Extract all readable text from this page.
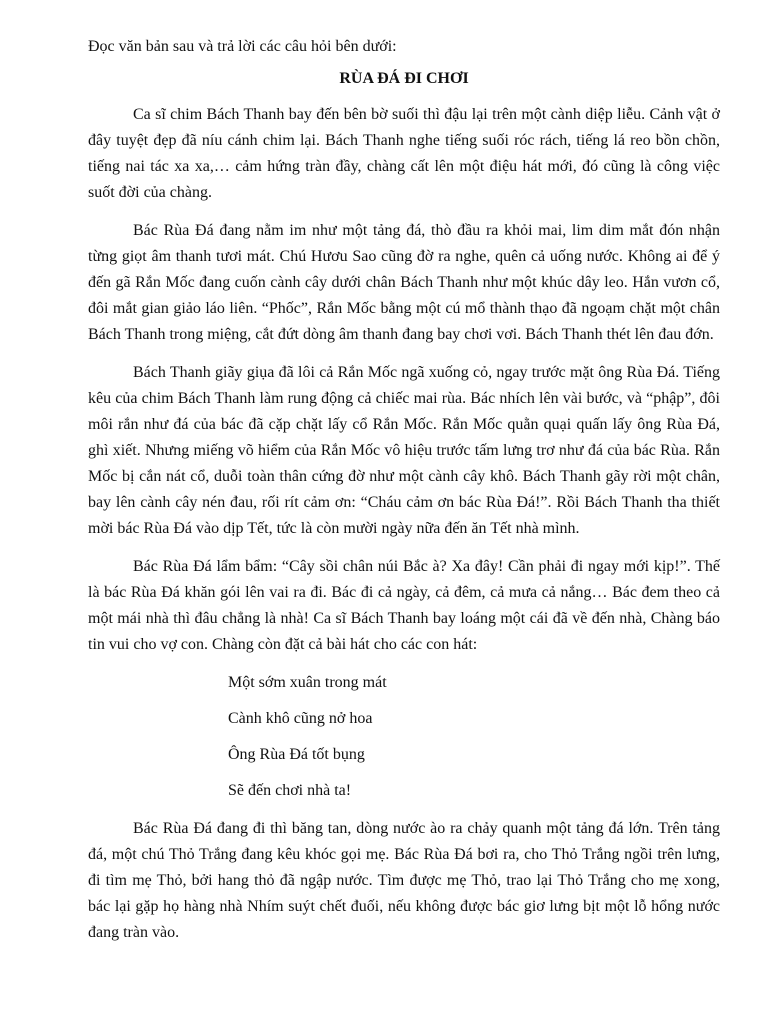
Đọc văn bản sau và trả lời các câu hỏi bên dưới:

RÙA ĐÁ ĐI CHƠI

Ca sĩ chim Bách Thanh bay đến bên bờ suối thì đậu lại trên một cành diệp liễu. Cảnh vật ở đây tuyệt đẹp đã níu cánh chim lại. Bách Thanh nghe tiếng suối róc rách, tiếng lá reo bồn chồn, tiếng nai tác xa xa,… cảm hứng tràn đầy, chàng cất lên một điệu hát mới, đó cũng là công việc suốt đời của chàng.

Bác Rùa Đá đang nằm im như một tảng đá, thò đầu ra khỏi mai, lim dim mắt đón nhận từng giọt âm thanh tươi mát. Chú Hươu Sao cũng đờ ra nghe, quên cả uống nước. Không ai để ý đến gã Rắn Mốc đang cuốn cành cây dưới chân Bách Thanh như một khúc dây leo. Hắn vươn cổ, đôi mắt gian giảo láo liên. “Phốc”, Rắn Mốc bằng một cú mổ thành thạo đã ngoạm chặt một chân Bách Thanh trong miệng, cắt đứt dòng âm thanh đang bay chơi vơi. Bách Thanh thét lên đau đớn.

Bách Thanh giãy giụa đã lôi cả Rắn Mốc ngã xuống cỏ, ngay trước mặt ông Rùa Đá. Tiếng kêu của chim Bách Thanh làm rung động cả chiếc mai rùa. Bác nhích lên vài bước, và “phập”, đôi môi rắn như đá của bác đã cặp chặt lấy cổ Rắn Mốc. Rắn Mốc quằn quại quấn lấy ông Rùa Đá, ghì xiết. Nhưng miếng võ hiểm của Rắn Mốc vô hiệu trước tấm lưng trơ như đá của bác Rùa. Rắn Mốc bị cắn nát cổ, duỗi toàn thân cứng đờ như một cành cây khô. Bách Thanh gãy rời một chân, bay lên cành cây nén đau, rối rít cảm ơn: “Cháu cảm ơn bác Rùa Đá!”. Rồi Bách Thanh tha thiết mời bác Rùa Đá vào dịp Tết, tức là còn mười ngày nữa đến ăn Tết nhà mình.

Bác Rùa Đá lẩm bẩm: “Cây sồi chân núi Bắc à? Xa đây! Cần phải đi ngay mới kịp!”. Thế là bác Rùa Đá khăn gói lên vai ra đi. Bác đi cả ngày, cả đêm, cả mưa cả nắng… Bác đem theo cả một mái nhà thì đâu chẳng là nhà! Ca sĩ Bách Thanh bay loáng một cái đã về đến nhà, Chàng báo tin vui cho vợ con. Chàng còn đặt cả bài hát cho các con hát:

Một sớm xuân trong mát

Cành khô cũng nở hoa

Ông Rùa Đá tốt bụng

Sẽ đến chơi nhà ta!

Bác Rùa Đá đang đi thì băng tan, dòng nước ào ra chảy quanh một tảng đá lớn. Trên tảng đá, một chú Thỏ Trắng đang kêu khóc gọi mẹ. Bác Rùa Đá bơi ra, cho Thỏ Trắng ngồi trên lưng, đi tìm mẹ Thỏ, bởi hang thỏ đã ngập nước. Tìm được mẹ Thỏ, trao lại Thỏ Trắng cho mẹ xong, bác lại gặp họ hàng nhà Nhím suýt chết đuối, nếu không được bác giơ lưng bịt một lỗ hổng nước đang tràn vào.
